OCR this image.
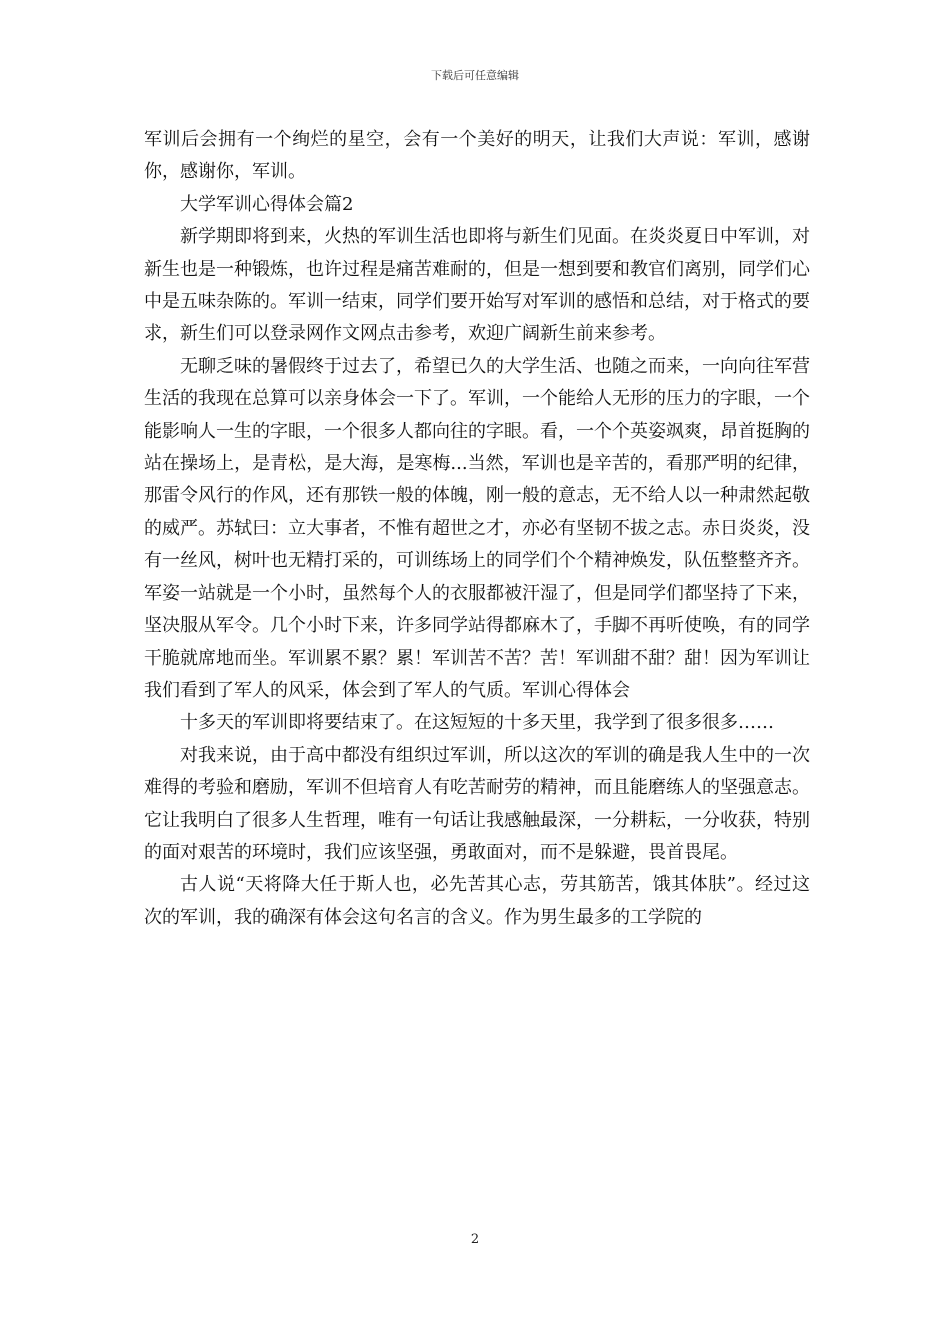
下载后可任意编辑

军训后会拥有一个绚烂的星空，会有一个美好的明天，让我们大声说：军训，感谢你，感谢你，军训。

大学军训心得体会篇2

新学期即将到来，火热的军训生活也即将与新生们见面。在炎炎夏日中军训，对新生也是一种锻炼，也许过程是痛苦难耐的，但是一想到要和教官们离别，同学们心中是五味杂陈的。军训一结束，同学们要开始写对军训的感悟和总结，对于格式的要求，新生们可以登录网作文网点击参考，欢迎广阔新生前来参考。

无聊乏味的暑假终于过去了，希望已久的大学生活、也随之而来，一向向往军营生活的我现在总算可以亲身体会一下了。军训，一个能给人无形的压力的字眼，一个能影响人一生的字眼，一个很多人都向往的字眼。看，一个个英姿飒爽，昂首挺胸的站在操场上，是青松，是大海，是寒梅...当然，军训也是辛苦的，看那严明的纪律，那雷令风行的作风，还有那铁一般的体魄，刚一般的意志，无不给人以一种肃然起敬的威严。苏轼曰：立大事者，不惟有超世之才，亦必有坚韧不拔之志。赤日炎炎，没有一丝风，树叶也无精打采的，可训练场上的同学们个个精神焕发，队伍整整齐齐。军姿一站就是一个小时，虽然每个人的衣服都被汗湿了，但是同学们都坚持了下来，坚决服从军令。几个小时下来，许多同学站得都麻木了，手脚不再听使唤，有的同学干脆就席地而坐。军训累不累？累！军训苦不苦？苦！军训甜不甜？甜！因为军训让我们看到了军人的风采，体会到了军人的气质。军训心得体会

十多天的军训即将要结束了。在这短短的十多天里，我学到了很多很多……

对我来说，由于高中都没有组织过军训，所以这次的军训的确是我人生中的一次难得的考验和磨励，军训不但培育人有吃苦耐劳的精神，而且能磨练人的坚强意志。它让我明白了很多人生哲理，唯有一句话让我感触最深，一分耕耘，一分收获，特别的面对艰苦的环境时，我们应该坚强，勇敢面对，而不是躲避，畏首畏尾。

古人说“天将降大任于斯人也，必先苦其心志，劳其筋苦，饿其体肤”。经过这次的军训，我的确深有体会这句名言的含义。作为男生最多的工学院的

2
